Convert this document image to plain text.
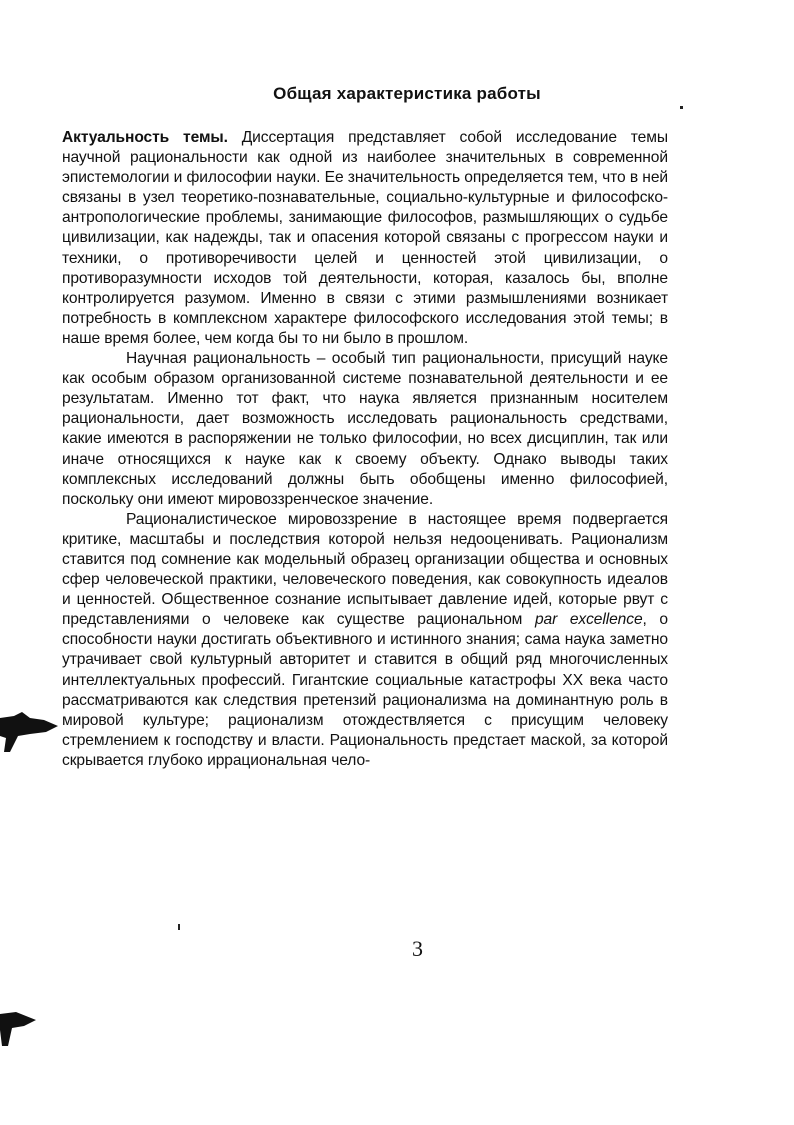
Общая характеристика работы

Актуальность темы. Диссертация представляет собой исследование темы научной рациональности как одной из наиболее значительных в современной эпистемологии и философии науки. Ее значительность определяется тем, что в ней связаны в узел теоретико-познавательные, социально-культурные и философско-антропологические проблемы, занимающие философов, размышляющих о судьбе цивилизации, как надежды, так и опасения которой связаны с прогрессом науки и техники, о противоречивости целей и ценностей этой цивилизации, о противоразумности исходов той деятельности, которая, казалось бы, вполне контролируется разумом. Именно в связи с этими размышлениями возникает потребность в комплексном характере философского исследования этой темы; в наше время более, чем когда бы то ни было в прошлом.

Научная рациональность – особый тип рациональности, присущий науке как особым образом организованной системе познавательной деятельности и ее результатам. Именно тот факт, что наука является признанным носителем рациональности, дает возможность исследовать рациональность средствами, какие имеются в распоряжении не только философии, но всех дисциплин, так или иначе относящихся к науке как к своему объекту. Однако выводы таких комплексных исследований должны быть обобщены именно философией, поскольку они имеют мировоззренческое значение.

Рационалистическое мировоззрение в настоящее время подвергается критике, масштабы и последствия которой нельзя недооценивать. Рационализм ставится под сомнение как модельный образец организации общества и основных сфер человеческой практики, человеческого поведения, как совокупность идеалов и ценностей. Общественное сознание испытывает давление идей, которые рвут с представлениями о человеке как существе рациональном par excellence, о способности науки достигать объективного и истинного знания; сама наука заметно утрачивает свой культурный авторитет и ставится в общий ряд многочисленных интеллектуальных профессий. Гигантские социальные катастрофы XX века часто рассматриваются как следствия претензий рационализма на доминантную роль в мировой культуре; рационализм отождествляется с присущим человеку стремлением к господству и власти. Рациональность предстает маской, за которой скрывается глубоко иррациональная чело-

3
